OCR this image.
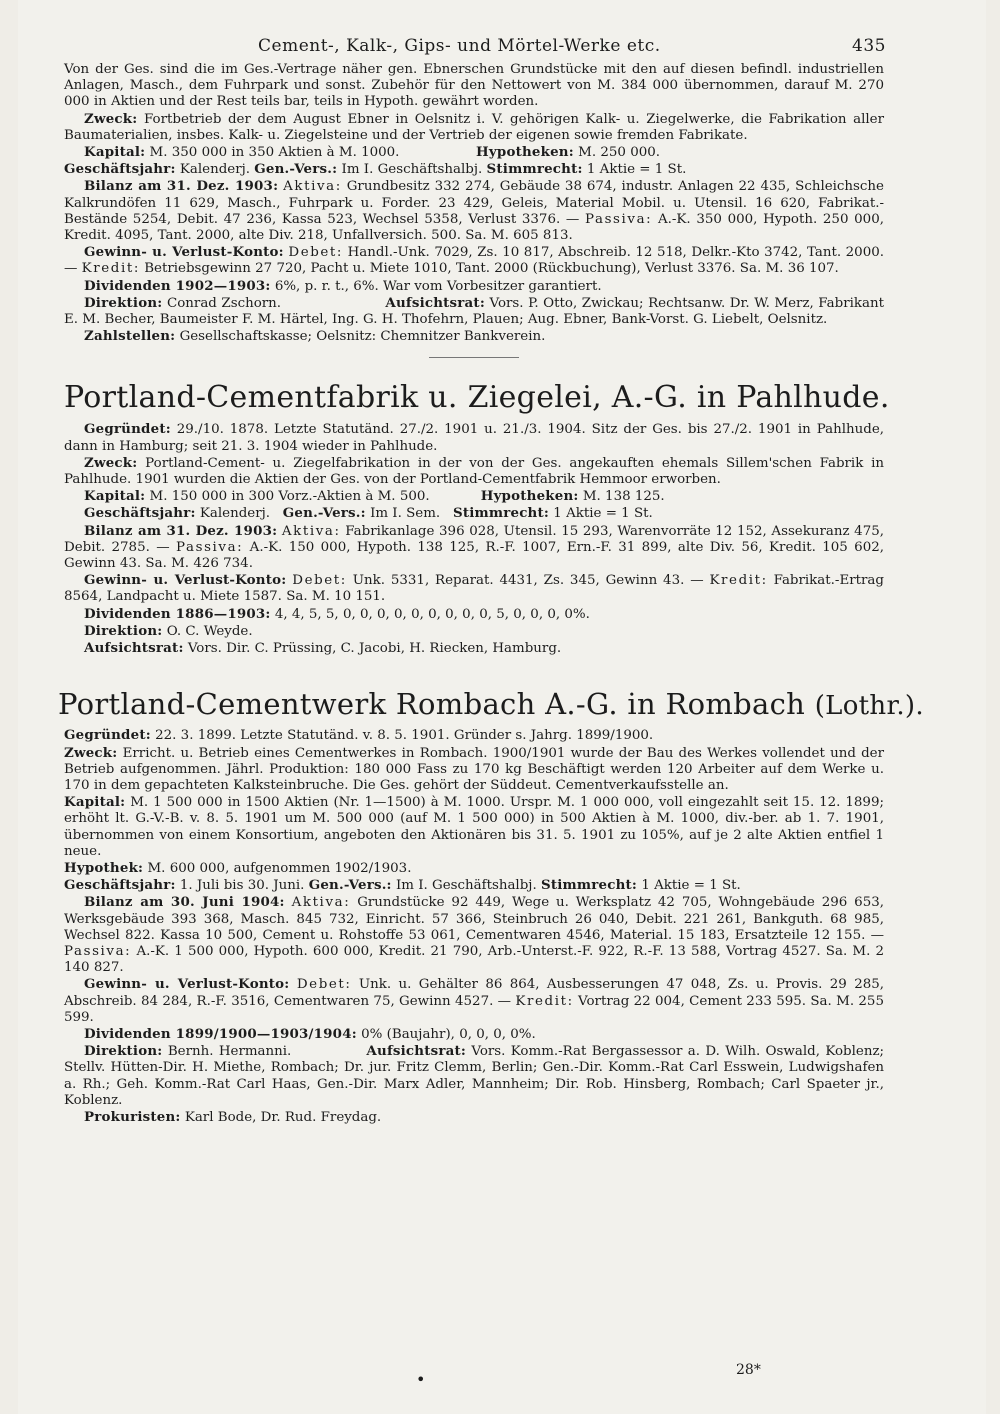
Cement-, Kalk-, Gips- und Mörtel-Werke etc.	435

Von der Ges. sind die im Ges.-Vertrage näher gen. Ebnerschen Grundstücke mit den auf diesen befindl. industriellen Anlagen, Masch., dem Fuhrpark und sonst. Zubehör für den Nettowert von M. 384 000 übernommen, darauf M. 270 000 in Aktien und der Rest teils bar, teils in Hypoth. gewährt worden.

Zweck: Fortbetrieb der dem August Ebner in Oelsnitz i. V. gehörigen Kalk- u. Ziegelwerke, die Fabrikation aller Baumaterialien, insbes. Kalk- u. Ziegelsteine und der Vertrieb der eigenen sowie fremden Fabrikate.

Kapital: M. 350 000 in 350 Aktien à M. 1000.	Hypotheken: M. 250 000.

Geschäftsjahr: Kalenderj. Gen.-Vers.: Im I. Geschäftshalbj. Stimmrecht: 1 Aktie = 1 St.

Bilanz am 31. Dez. 1903: Aktiva: Grundbesitz 332 274, Gebäude 38 674, industr. Anlagen 22 435, Schleichsche Kalkrundöfen 11 629, Masch., Fuhrpark u. Forder. 23 429, Geleis, Material Mobil. u. Utensil. 16 620, Fabrikat.-Bestände 5254, Debit. 47 236, Kassa 523, Wechsel 5358, Verlust 3376. — Passiva: A.-K. 350 000, Hypoth. 250 000, Kredit. 4095, Tant. 2000, alte Div. 218, Unfallversich. 500. Sa. M. 605 813.

Gewinn- u. Verlust-Konto: Debet: Handl.-Unk. 7029, Zs. 10 817, Abschreib. 12 518, Delkr.-Kto 3742, Tant. 2000. — Kredit: Betriebsgewinn 27 720, Pacht u. Miete 1010, Tant. 2000 (Rückbuchung), Verlust 3376. Sa. M. 36 107.

Dividenden 1902—1903: 6%, p. r. t., 6%. War vom Vorbesitzer garantiert.

Direktion: Conrad Zschorn.	Aufsichtsrat: Vors. P. Otto, Zwickau; Rechtsanw. Dr. W. Merz, Fabrikant E. M. Becher, Baumeister F. M. Härtel, Ing. G. H. Thofehrn, Plauen; Aug. Ebner, Bank-Vorst. G. Liebelt, Oelsnitz.

Zahlstellen: Gesellschaftskasse; Oelsnitz: Chemnitzer Bankverein.

Portland-Cementfabrik u. Ziegelei, A.-G. in Pahlhude.

Gegründet: 29./10. 1878. Letzte Statutänd. 27./2. 1901 u. 21./3. 1904. Sitz der Ges. bis 27./2. 1901 in Pahlhude, dann in Hamburg; seit 21. 3. 1904 wieder in Pahlhude.

Zweck: Portland-Cement- u. Ziegelfabrikation in der von der Ges. angekauften ehemals Sillem'schen Fabrik in Pahlhude. 1901 wurden die Aktien der Ges. von der Portland-Cementfabrik Hemmoor erworben.

Kapital: M. 150 000 in 300 Vorz.-Aktien à M. 500.	Hypotheken: M. 138 125.

Geschäftsjahr: Kalenderj. Gen.-Vers.: Im I. Sem. Stimmrecht: 1 Aktie = 1 St.

Bilanz am 31. Dez. 1903: Aktiva: Fabrikanlage 396 028, Utensil. 15 293, Warenvorräte 12 152, Assekuranz 475, Debit. 2785. — Passiva: A.-K. 150 000, Hypoth. 138 125, R.-F. 1007, Ern.-F. 31 899, alte Div. 56, Kredit. 105 602, Gewinn 43. Sa. M. 426 734.

Gewinn- u. Verlust-Konto: Debet: Unk. 5331, Reparat. 4431, Zs. 345, Gewinn 43. — Kredit: Fabrikat.-Ertrag 8564, Landpacht u. Miete 1587. Sa. M. 10 151.

Dividenden 1886—1903: 4, 4, 5, 5, 0, 0, 0, 0, 0, 0, 0, 0, 0, 5, 0, 0, 0, 0%.

Direktion: O. C. Weyde.

Aufsichtsrat: Vors. Dir. C. Prüssing, C. Jacobi, H. Riecken, Hamburg.

Portland-Cementwerk Rombach A.-G. in Rombach (Lothr.).

Gegründet: 22. 3. 1899. Letzte Statutänd. v. 8. 5. 1901. Gründer s. Jahrg. 1899/1900.

Zweck: Erricht. u. Betrieb eines Cementwerkes in Rombach. 1900/1901 wurde der Bau des Werkes vollendet und der Betrieb aufgenommen. Jährl. Produktion: 180 000 Fass zu 170 kg Beschäftigt werden 120 Arbeiter auf dem Werke u. 170 in dem gepachteten Kalksteinbruche. Die Ges. gehört der Süddeut. Cementverkaufsstelle an.

Kapital: M. 1 500 000 in 1500 Aktien (Nr. 1—1500) à M. 1000. Urspr. M. 1 000 000, voll eingezahlt seit 15. 12. 1899; erhöht lt. G.-V.-B. v. 8. 5. 1901 um M. 500 000 (auf M. 1 500 000) in 500 Aktien à M. 1000, div.-ber. ab 1. 7. 1901, übernommen von einem Konsortium, angeboten den Aktionären bis 31. 5. 1901 zu 105%, auf je 2 alte Aktien entfiel 1 neue.

Hypothek: M. 600 000, aufgenommen 1902/1903.

Geschäftsjahr: 1. Juli bis 30. Juni. Gen.-Vers.: Im I. Geschäftshalbj. Stimmrecht: 1 Aktie = 1 St.

Bilanz am 30. Juni 1904: Aktiva: Grundstücke 92 449, Wege u. Werksplatz 42 705, Wohngebäude 296 653, Werksgebäude 393 368, Masch. 845 732, Einricht. 57 366, Steinbruch 26 040, Debit. 221 261, Bankguth. 68 985, Wechsel 822. Kassa 10 500, Cement u. Rohstoffe 53 061, Cementwaren 4546, Material. 15 183, Ersatzteile 12 155. — Passiva: A.-K. 1 500 000, Hypoth. 600 000, Kredit. 21 790, Arb.-Unterst.-F. 922, R.-F. 13 588, Vortrag 4527. Sa. M. 2 140 827.

Gewinn- u. Verlust-Konto: Debet: Unk. u. Gehälter 86 864, Ausbesserungen 47 048, Zs. u. Provis. 29 285, Abschreib. 84 284, R.-F. 3516, Cementwaren 75, Gewinn 4527. — Kredit: Vortrag 22 004, Cement 233 595. Sa. M. 255 599.

Dividenden 1899/1900—1903/1904: 0% (Baujahr), 0, 0, 0, 0%.

Direktion: Bernh. Hermanni.	Aufsichtsrat: Vors. Komm.-Rat Bergassessor a. D. Wilh. Oswald, Koblenz; Stellv. Hütten-Dir. H. Miethe, Rombach; Dr. jur. Fritz Clemm, Berlin; Gen.-Dir. Komm.-Rat Carl Esswein, Ludwigshafen a. Rh.; Geh. Komm.-Rat Carl Haas, Gen.-Dir. Marx Adler, Mannheim; Dir. Rob. Hinsberg, Rombach; Carl Spaeter jr., Koblenz.

Prokuristen: Karl Bode, Dr. Rud. Freydag.

•	28*
